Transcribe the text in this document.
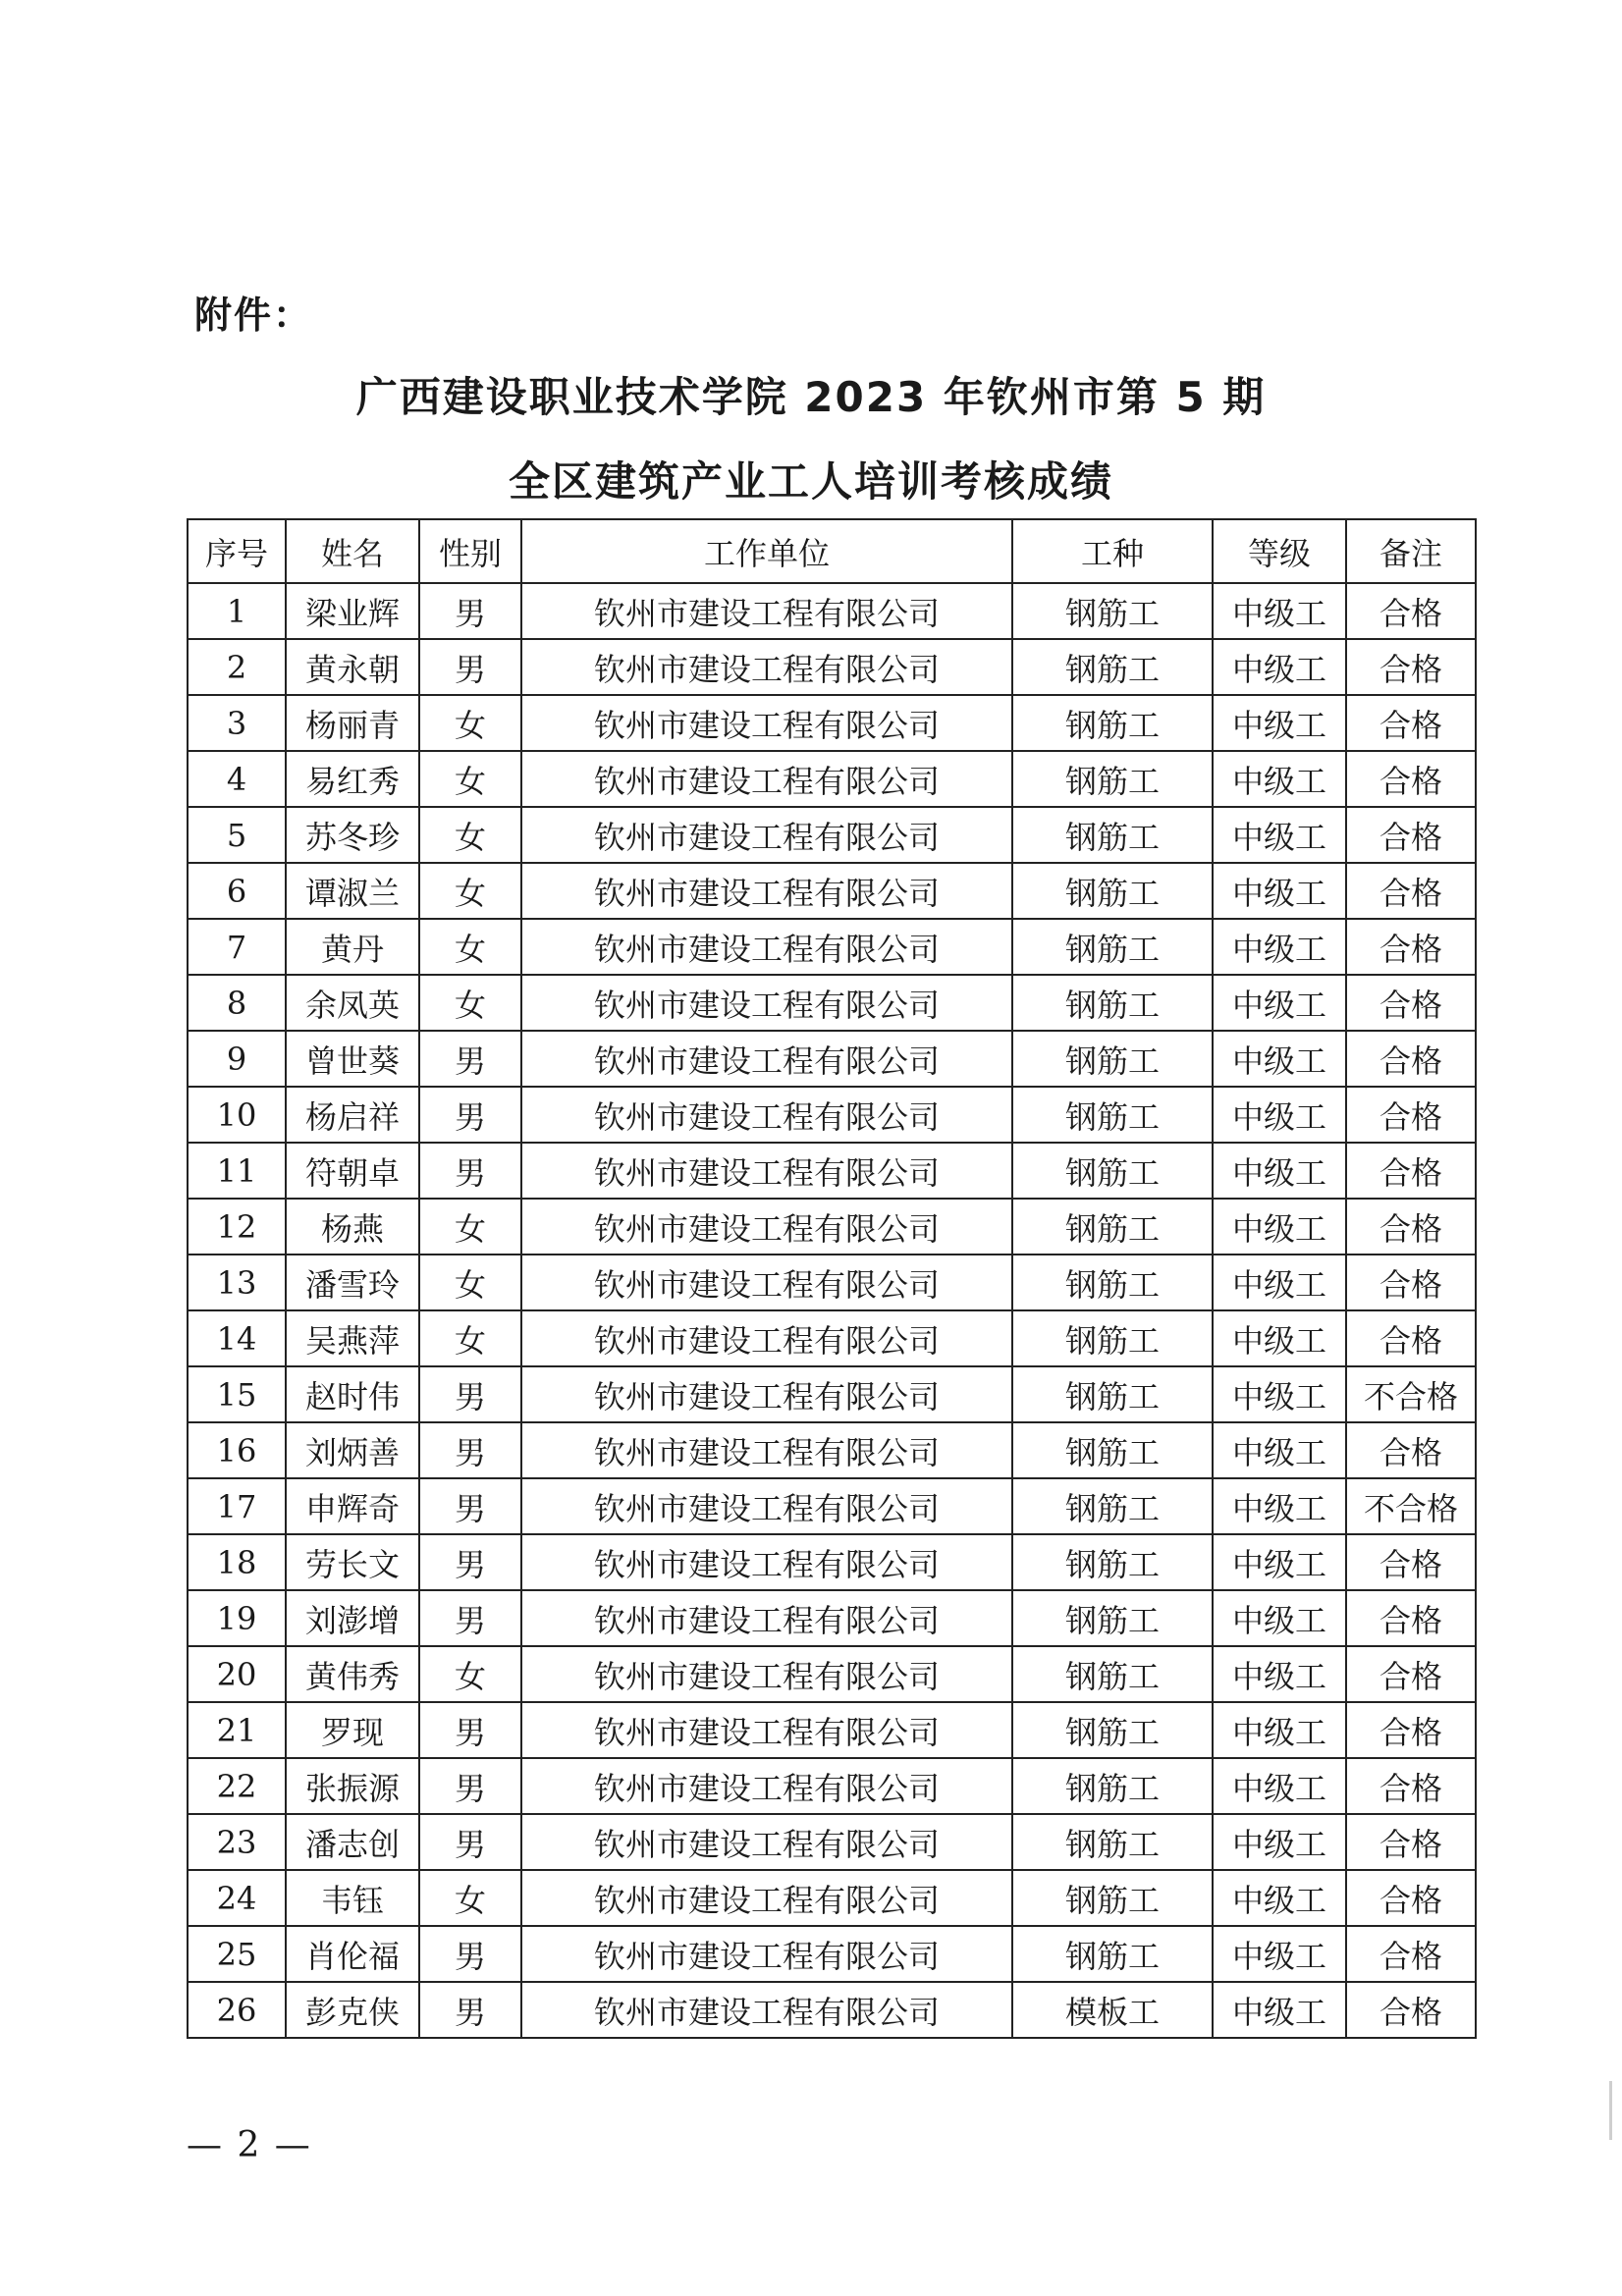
附件：
广西建设职业技术学院 2023 年钦州市第 5 期
全区建筑产业工人培训考核成绩
序号	姓名	性别	工作单位	工种	等级	备注
1	梁业辉	男	钦州市建设工程有限公司	钢筋工	中级工	合格
2	黄永朝	男	钦州市建设工程有限公司	钢筋工	中级工	合格
3	杨丽青	女	钦州市建设工程有限公司	钢筋工	中级工	合格
4	易红秀	女	钦州市建设工程有限公司	钢筋工	中级工	合格
5	苏冬珍	女	钦州市建设工程有限公司	钢筋工	中级工	合格
6	谭淑兰	女	钦州市建设工程有限公司	钢筋工	中级工	合格
7	黄丹	女	钦州市建设工程有限公司	钢筋工	中级工	合格
8	余凤英	女	钦州市建设工程有限公司	钢筋工	中级工	合格
9	曾世葵	男	钦州市建设工程有限公司	钢筋工	中级工	合格
10	杨启祥	男	钦州市建设工程有限公司	钢筋工	中级工	合格
11	符朝卓	男	钦州市建设工程有限公司	钢筋工	中级工	合格
12	杨燕	女	钦州市建设工程有限公司	钢筋工	中级工	合格
13	潘雪玲	女	钦州市建设工程有限公司	钢筋工	中级工	合格
14	吴燕萍	女	钦州市建设工程有限公司	钢筋工	中级工	合格
15	赵时伟	男	钦州市建设工程有限公司	钢筋工	中级工	不合格
16	刘炳善	男	钦州市建设工程有限公司	钢筋工	中级工	合格
17	申辉奇	男	钦州市建设工程有限公司	钢筋工	中级工	不合格
18	劳长文	男	钦州市建设工程有限公司	钢筋工	中级工	合格
19	刘澎增	男	钦州市建设工程有限公司	钢筋工	中级工	合格
20	黄伟秀	女	钦州市建设工程有限公司	钢筋工	中级工	合格
21	罗现	男	钦州市建设工程有限公司	钢筋工	中级工	合格
22	张振源	男	钦州市建设工程有限公司	钢筋工	中级工	合格
23	潘志创	男	钦州市建设工程有限公司	钢筋工	中级工	合格
24	韦钰	女	钦州市建设工程有限公司	钢筋工	中级工	合格
25	肖伦福	男	钦州市建设工程有限公司	钢筋工	中级工	合格
26	彭克侠	男	钦州市建设工程有限公司	模板工	中级工	合格
— 2 —
